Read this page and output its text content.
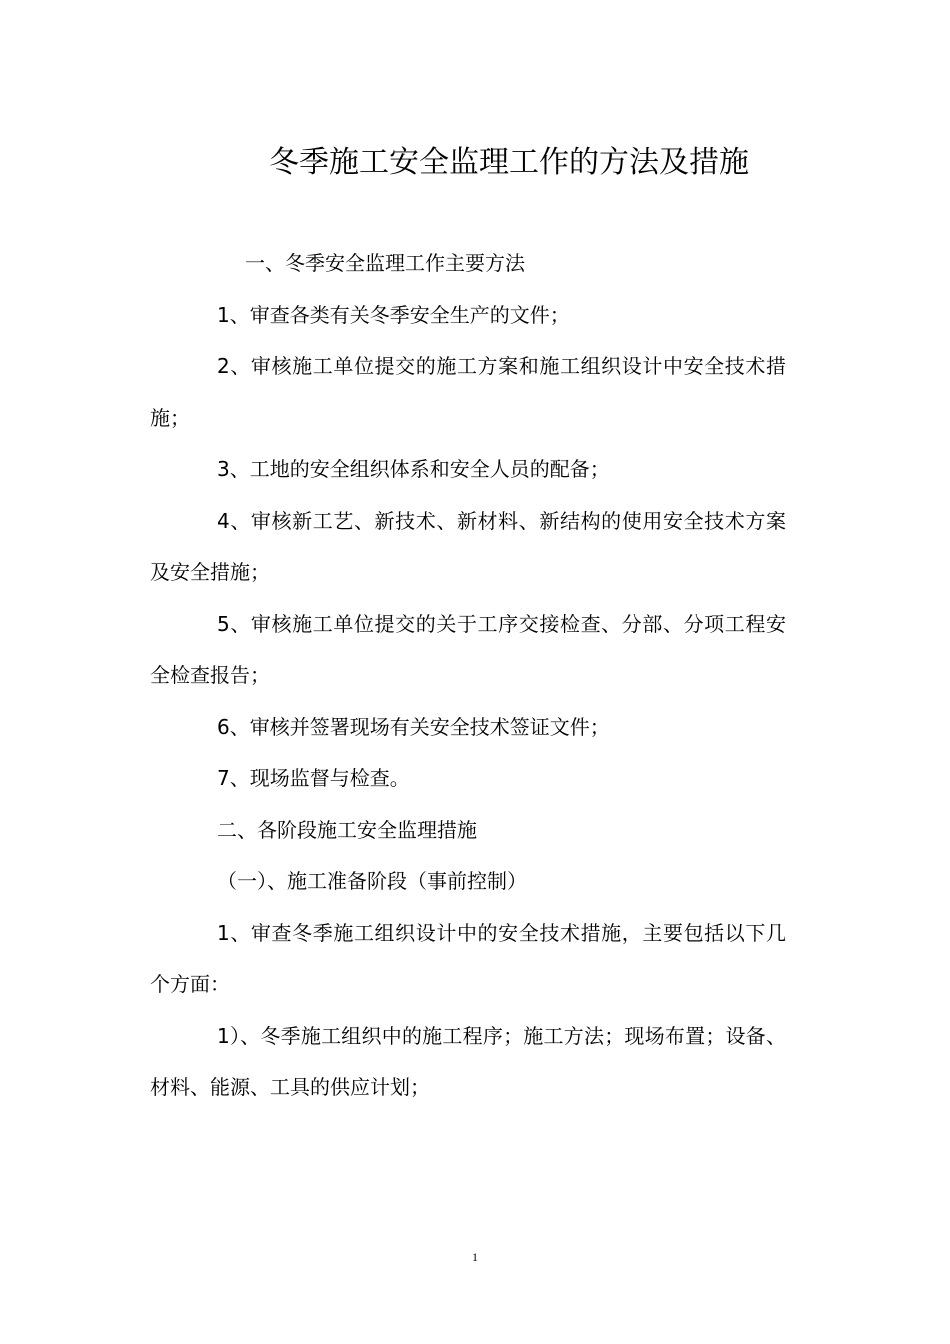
冬季施工安全监理工作的方法及措施

一、冬季安全监理工作主要方法

1、审查各类有关冬季安全生产的文件；

2、审核施工单位提交的施工方案和施工组织设计中安全技术措施；

3、工地的安全组织体系和安全人员的配备；

4、审核新工艺、新技术、新材料、新结构的使用安全技术方案及安全措施；

5、审核施工单位提交的关于工序交接检查、分部、分项工程安全检查报告；

6、审核并签署现场有关安全技术签证文件；

7、现场监督与检查。

二、各阶段施工安全监理措施

（一）、施工准备阶段（事前控制）

1、审查冬季施工组织设计中的安全技术措施，主要包括以下几个方面：

1）、冬季施工组织中的施工程序；施工方法；现场布置；设备、材料、能源、工具的供应计划；

1
